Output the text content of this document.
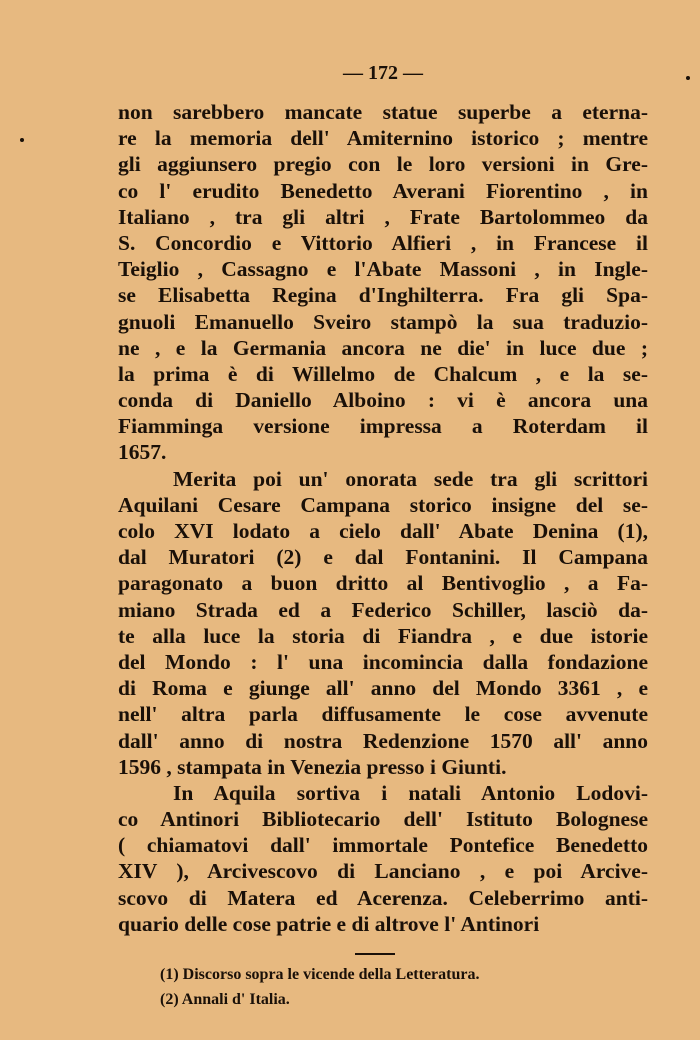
— 172 —
non sarebbero mancate statue superbe a eterna-
re la memoria dell' Amiternino istorico ; mentre
gli aggiunsero pregio con le loro versioni in Gre-
co l' erudito Benedetto Averani Fiorentino , in
Italiano , tra gli altri , Frate Bartolommeo da
S. Concordio e Vittorio Alfieri , in Francese il
Teiglio , Cassagno e l'Abate Massoni , in Ingle-
se Elisabetta Regina d'Inghilterra. Fra gli Spa-
gnuoli Emanuello Sveiro stampò la sua traduzio-
ne , e la Germania ancora ne die' in luce due ;
la prima è di Willelmo de Chalcum , e la se-
conda di Daniello Alboino : vi è ancora una
Fiamminga versione impressa a Roterdam il
1657.
Merita poi un' onorata sede tra gli scrittori
Aquilani Cesare Campana storico insigne del se-
colo XVI lodato a cielo dall' Abate Denina (1),
dal Muratori (2) e dal Fontanini. Il Campana
paragonato a buon dritto al Bentivoglio , a Fa-
miano Strada ed a Federico Schiller, lasciò da-
te alla luce la storia di Fiandra , e due istorie
del Mondo : l' una incomincia dalla fondazione
di Roma e giunge all' anno del Mondo 3361 , e
nell' altra parla diffusamente le cose avvenute
dall' anno di nostra Redenzione 1570 all' anno
1596 , stampata in Venezia presso i Giunti.
In Aquila sortiva i natali Antonio Lodovi-
co Antinori Bibliotecario dell' Istituto Bolognese
( chiamatovi dall' immortale Pontefice Benedetto
XIV ), Arcivescovo di Lanciano , e poi Arcive-
scovo di Matera ed Acerenza. Celeberrimo anti-
quario delle cose patrie e di altrove l' Antinori
(1) Discorso sopra le vicende della Letteratura.
(2) Annali d' Italia.
